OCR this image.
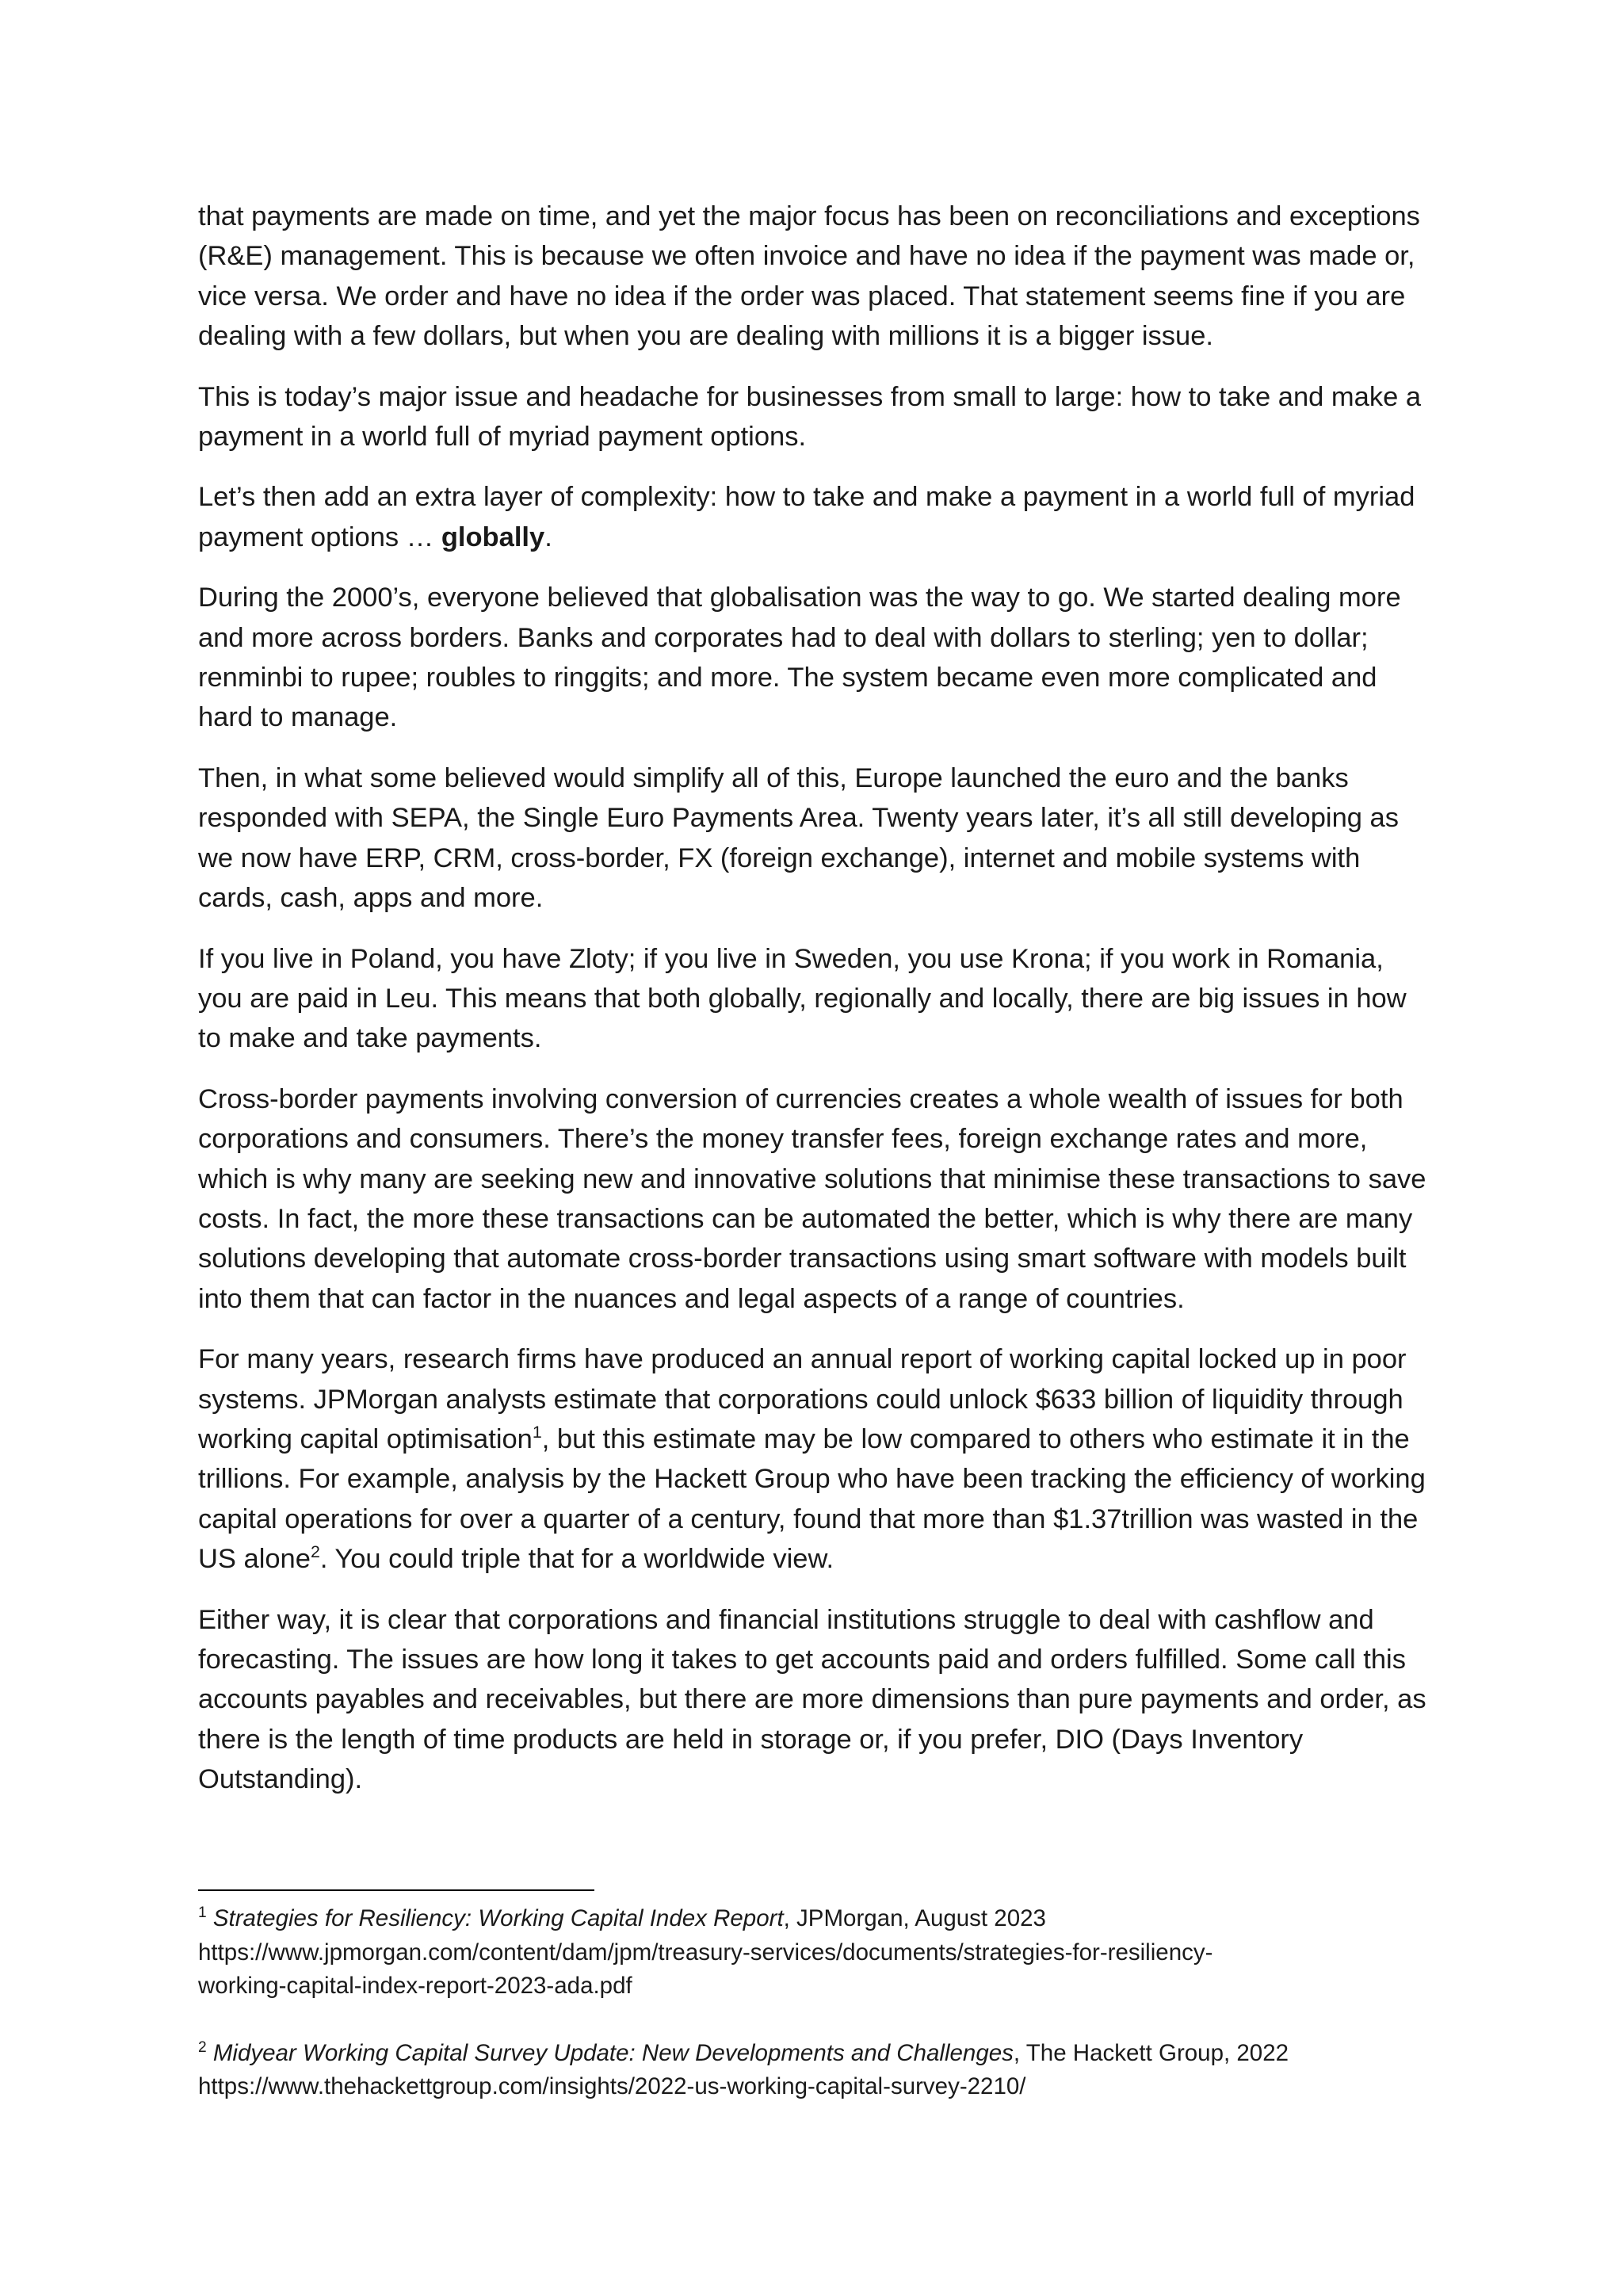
that payments are made on time, and yet the major focus has been on reconciliations and exceptions (R&E) management. This is because we often invoice and have no idea if the payment was made or, vice versa. We order and have no idea if the order was placed. That statement seems fine if you are dealing with a few dollars, but when you are dealing with millions it is a bigger issue.

This is today’s major issue and headache for businesses from small to large: how to take and make a payment in a world full of myriad payment options.

Let’s then add an extra layer of complexity: how to take and make a payment in a world full of myriad payment options … globally.

During the 2000’s, everyone believed that globalisation was the way to go. We started dealing more and more across borders. Banks and corporates had to deal with dollars to sterling; yen to dollar; renminbi to rupee; roubles to ringgits; and more. The system became even more complicated and hard to manage.

Then, in what some believed would simplify all of this, Europe launched the euro and the banks responded with SEPA, the Single Euro Payments Area. Twenty years later, it’s all still developing as we now have ERP, CRM, cross-border, FX (foreign exchange), internet and mobile systems with cards, cash, apps and more.

If you live in Poland, you have Zloty; if you live in Sweden, you use Krona; if you work in Romania, you are paid in Leu. This means that both globally, regionally and locally, there are big issues in how to make and take payments.

Cross-border payments involving conversion of currencies creates a whole wealth of issues for both corporations and consumers. There’s the money transfer fees, foreign exchange rates and more, which is why many are seeking new and innovative solutions that minimise these transactions to save costs. In fact, the more these transactions can be automated the better, which is why there are many solutions developing that automate cross-border transactions using smart software with models built into them that can factor in the nuances and legal aspects of a range of countries.

For many years, research firms have produced an annual report of working capital locked up in poor systems. JPMorgan analysts estimate that corporations could unlock $633 billion of liquidity through working capital optimisation$^1$, but this estimate may be low compared to others who estimate it in the trillions. For example, analysis by the Hackett Group who have been tracking the efficiency of working capital operations for over a quarter of a century, found that more than $1.37trillion was wasted in the US alone$^2$. You could triple that for a worldwide view.

Either way, it is clear that corporations and financial institutions struggle to deal with cashflow and forecasting. The issues are how long it takes to get accounts paid and orders fulfilled. Some call this accounts payables and receivables, but there are more dimensions than pure payments and order, as there is the length of time products are held in storage or, if you prefer, DIO (Days Inventory Outstanding).

$^1$ Strategies for Resiliency: Working Capital Index Report, JPMorgan, August 2023
https://www.jpmorgan.com/content/dam/jpm/treasury-services/documents/strategies-for-resiliency-
working-capital-index-report-2023-ada.pdf
$^2$ Midyear Working Capital Survey Update: New Developments and Challenges, The Hackett Group, 2022
https://www.thehackettgroup.com/insights/2022-us-working-capital-survey-2210/
